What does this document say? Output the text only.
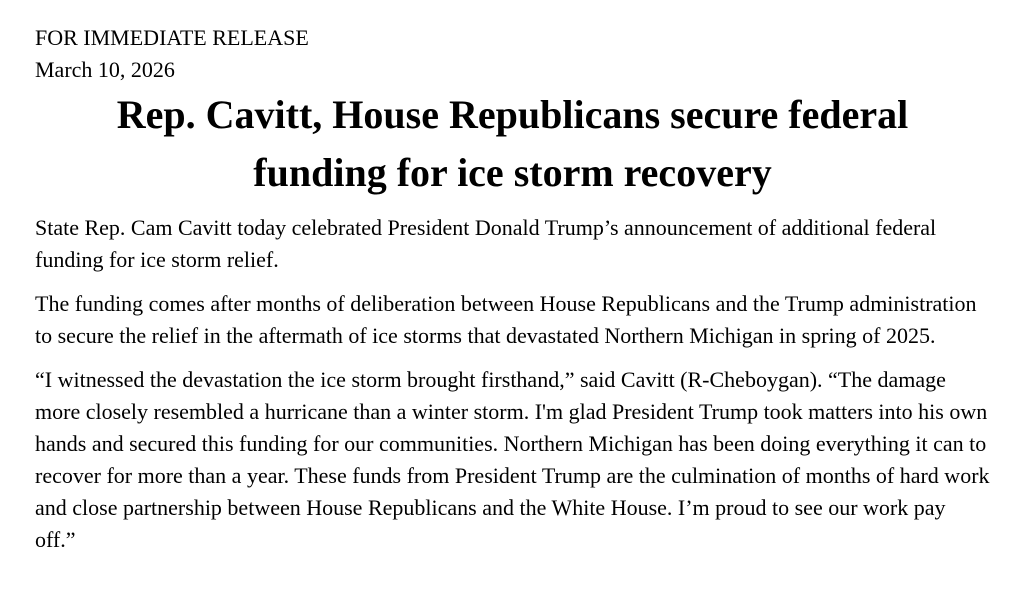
FOR IMMEDIATE RELEASE

March 10, 2026

Rep. Cavitt, House Republicans secure federal
funding for ice storm recovery

State Rep. Cam Cavitt today celebrated President Donald Trump’s announcement of additional federal funding for ice storm relief.

The funding comes after months of deliberation between House Republicans and the Trump administration to secure the relief in the aftermath of ice storms that devastated Northern Michigan in spring of 2025.

“I witnessed the devastation the ice storm brought firsthand,” said Cavitt (R-Cheboygan). “The damage more closely resembled a hurricane than a winter storm. I'm glad President Trump took matters into his own hands and secured this funding for our communities. Northern Michigan has been doing everything it can to recover for more than a year. These funds from President Trump are the culmination of months of hard work and close partnership between House Republicans and the White House. I’m proud to see our work pay off.”
